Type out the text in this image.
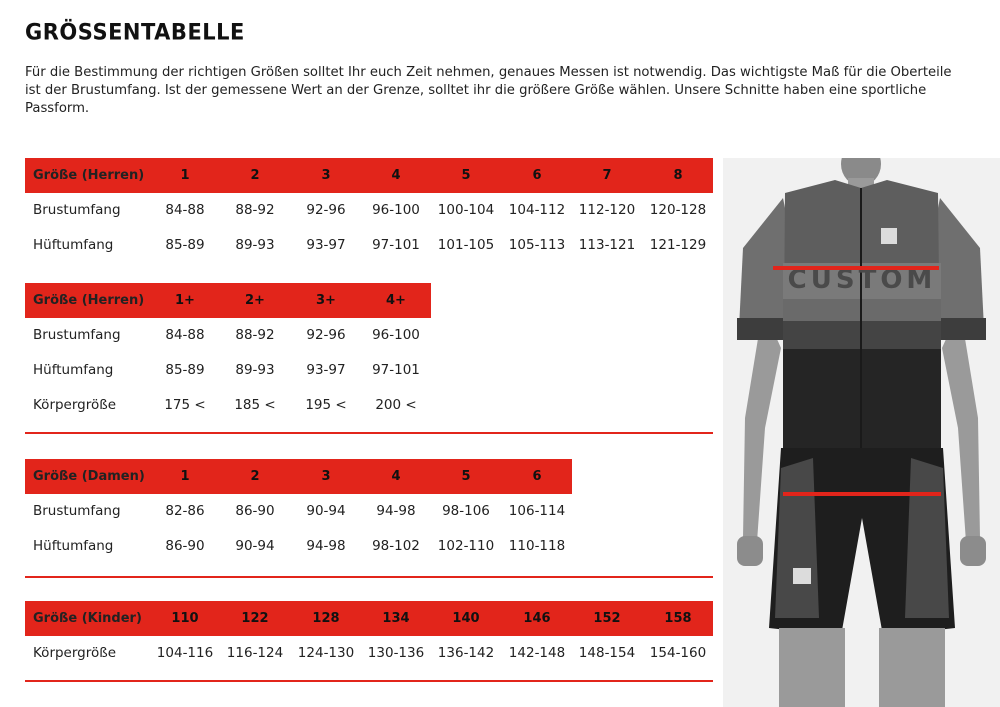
GRÖSSENTABELLE
Für die Bestimmung der richtigen Größen solltet Ihr euch Zeit nehmen, genaues Messen ist notwendig. Das wichtigste Maß für die Oberteile ist der Brustumfang. Ist der gemessene Wert an der Grenze, solltet ihr die größere Größe wählen. Unsere Schnitte haben eine sportliche Passform.
Größe (Herren)	1	2	3	4	5	6	7	8
Brustumfang	84-88	88-92	92-96	96-100	100-104	104-112	112-120	120-128
Hüftumfang	85-89	89-93	93-97	97-101	101-105	105-113	113-121	121-129
Größe (Herren)	1+	2+	3+	4+
Brustumfang	84-88	88-92	92-96	96-100
Hüftumfang	85-89	89-93	93-97	97-101
Körpergröße	175 <	185 <	195 <	200 <
Größe (Damen)	1	2	3	4	5	6
Brustumfang	82-86	86-90	90-94	94-98	98-106	106-114
Hüftumfang	86-90	90-94	94-98	98-102	102-110	110-118
Größe (Kinder)	110	122	128	134	140	146	152	158
Körpergröße	104-116	116-124	124-130	130-136	136-142	142-148	148-154	154-160
CUSTOM
